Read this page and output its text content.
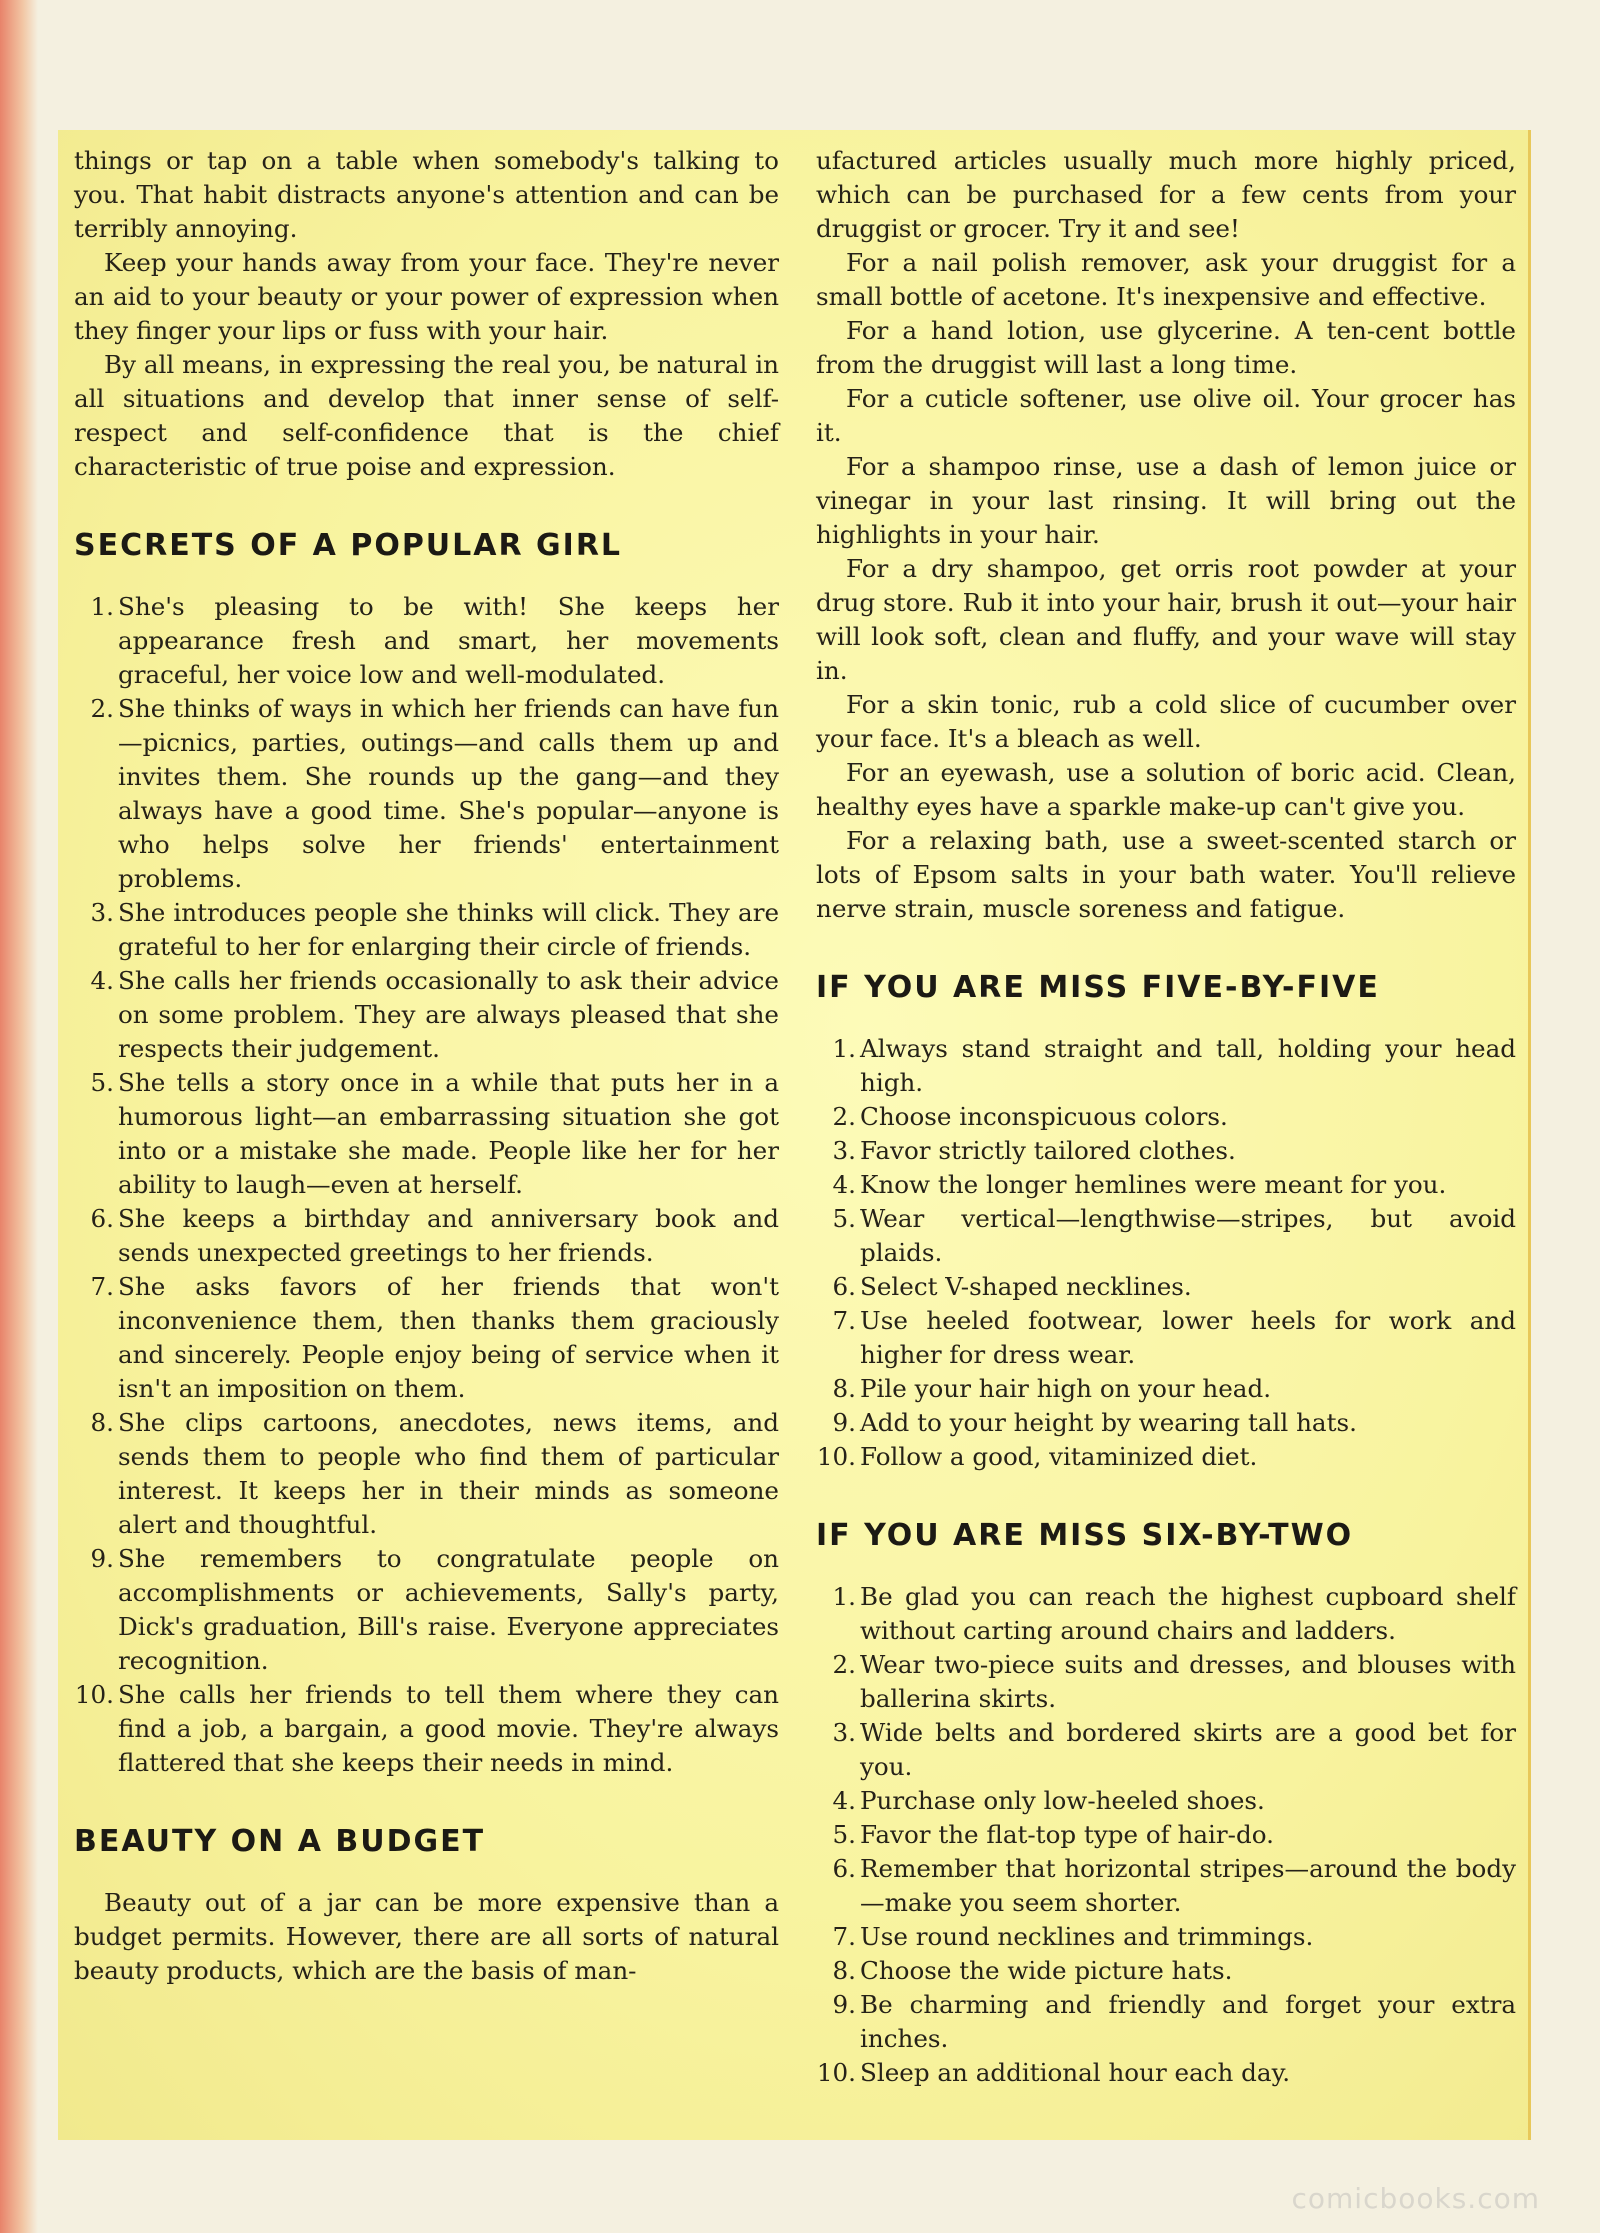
things or tap on a table when somebody's talking to you. That habit distracts anyone's attention and can be terribly annoying.

Keep your hands away from your face. They're never an aid to your beauty or your power of expression when they finger your lips or fuss with your hair.

By all means, in expressing the real you, be natural in all situations and develop that inner sense of self-respect and self-confidence that is the chief characteristic of true poise and expression.

SECRETS OF A POPULAR GIRL
1. She's pleasing to be with! She keeps her appearance fresh and smart, her movements graceful, her voice low and well-modulated.
2. She thinks of ways in which her friends can have fun—picnics, parties, outings—and calls them up and invites them. She rounds up the gang—and they always have a good time. She's popular—anyone is who helps solve her friends' entertainment problems.
3. She introduces people she thinks will click. They are grateful to her for enlarging their circle of friends.
4. She calls her friends occasionally to ask their advice on some problem. They are always pleased that she respects their judgement.
5. She tells a story once in a while that puts her in a humorous light—an embarrassing situation she got into or a mistake she made. People like her for her ability to laugh—even at herself.
6. She keeps a birthday and anniversary book and sends unexpected greetings to her friends.
7. She asks favors of her friends that won't inconvenience them, then thanks them graciously and sincerely. People enjoy being of service when it isn't an imposition on them.
8. She clips cartoons, anecdotes, news items, and sends them to people who find them of particular interest. It keeps her in their minds as someone alert and thoughtful.
9. She remembers to congratulate people on accomplishments or achievements, Sally's party, Dick's graduation, Bill's raise. Everyone appreciates recognition.
10. She calls her friends to tell them where they can find a job, a bargain, a good movie. They're always flattered that she keeps their needs in mind.
BEAUTY ON A BUDGET

Beauty out of a jar can be more expensive than a budget permits. However, there are all sorts of natural beauty products, which are the basis of man-

ufactured articles usually much more highly priced, which can be purchased for a few cents from your druggist or grocer. Try it and see!

For a nail polish remover, ask your druggist for a small bottle of acetone. It's inexpensive and effective.

For a hand lotion, use glycerine. A ten-cent bottle from the druggist will last a long time.

For a cuticle softener, use olive oil. Your grocer has it.

For a shampoo rinse, use a dash of lemon juice or vinegar in your last rinsing. It will bring out the highlights in your hair.

For a dry shampoo, get orris root powder at your drug store. Rub it into your hair, brush it out—your hair will look soft, clean and fluffy, and your wave will stay in.

For a skin tonic, rub a cold slice of cucumber over your face. It's a bleach as well.

For an eyewash, use a solution of boric acid. Clean, healthy eyes have a sparkle make-up can't give you.

For a relaxing bath, use a sweet-scented starch or lots of Epsom salts in your bath water. You'll relieve nerve strain, muscle soreness and fatigue.

IF YOU ARE MISS FIVE-BY-FIVE
1. Always stand straight and tall, holding your head high.
2. Choose inconspicuous colors.
3. Favor strictly tailored clothes.
4. Know the longer hemlines were meant for you.
5. Wear vertical—lengthwise—stripes, but avoid plaids.
6. Select V-shaped necklines.
7. Use heeled footwear, lower heels for work and higher for dress wear.
8. Pile your hair high on your head.
9. Add to your height by wearing tall hats.
10. Follow a good, vitaminized diet.
IF YOU ARE MISS SIX-BY-TWO
1. Be glad you can reach the highest cupboard shelf without carting around chairs and ladders.
2. Wear two-piece suits and dresses, and blouses with ballerina skirts.
3. Wide belts and bordered skirts are a good bet for you.
4. Purchase only low-heeled shoes.
5. Favor the flat-top type of hair-do.
6. Remember that horizontal stripes—around the body—make you seem shorter.
7. Use round necklines and trimmings.
8. Choose the wide picture hats.
9. Be charming and friendly and forget your extra inches.
10. Sleep an additional hour each day.
comicbooks.com
